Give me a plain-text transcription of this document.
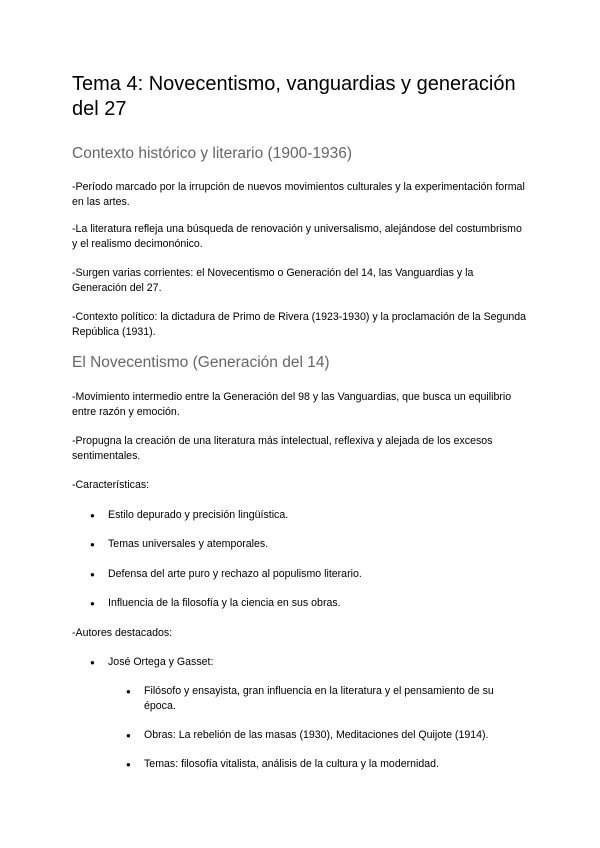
Tema 4: Novecentismo, vanguardias y generación del 27
Contexto histórico y literario (1900-1936)

-Período marcado por la irrupción de nuevos movimientos culturales y la experimentación formal en las artes.

-La literatura refleja una búsqueda de renovación y universalismo, alejándose del costumbrismo y el realismo decimonónico.

-Surgen varias corrientes: el Novecentismo o Generación del 14, las Vanguardias y la Generación del 27.

-Contexto político: la dictadura de Primo de Rivera (1923-1930) y la proclamación de la Segunda República (1931).

El Novecentismo (Generación del 14)

-Movimiento intermedio entre la Generación del 98 y las Vanguardias, que busca un equilibrio entre razón y emoción.

-Propugna la creación de una literatura más intelectual, reflexiva y alejada de los excesos sentimentales.

-Características:

● Estilo depurado y precisión lingüística.
● Temas universales y atemporales.
● Defensa del arte puro y rechazo al populismo literario.
● Influencia de la filosofía y la ciencia en sus obras.

-Autores destacados:

● José Ortega y Gasset:
● Filósofo y ensayista, gran influencia en la literatura y el pensamiento de su época.
● Obras: La rebelión de las masas (1930), Meditaciones del Quijote (1914).
● Temas: filosofía vitalista, análisis de la cultura y la modernidad.
